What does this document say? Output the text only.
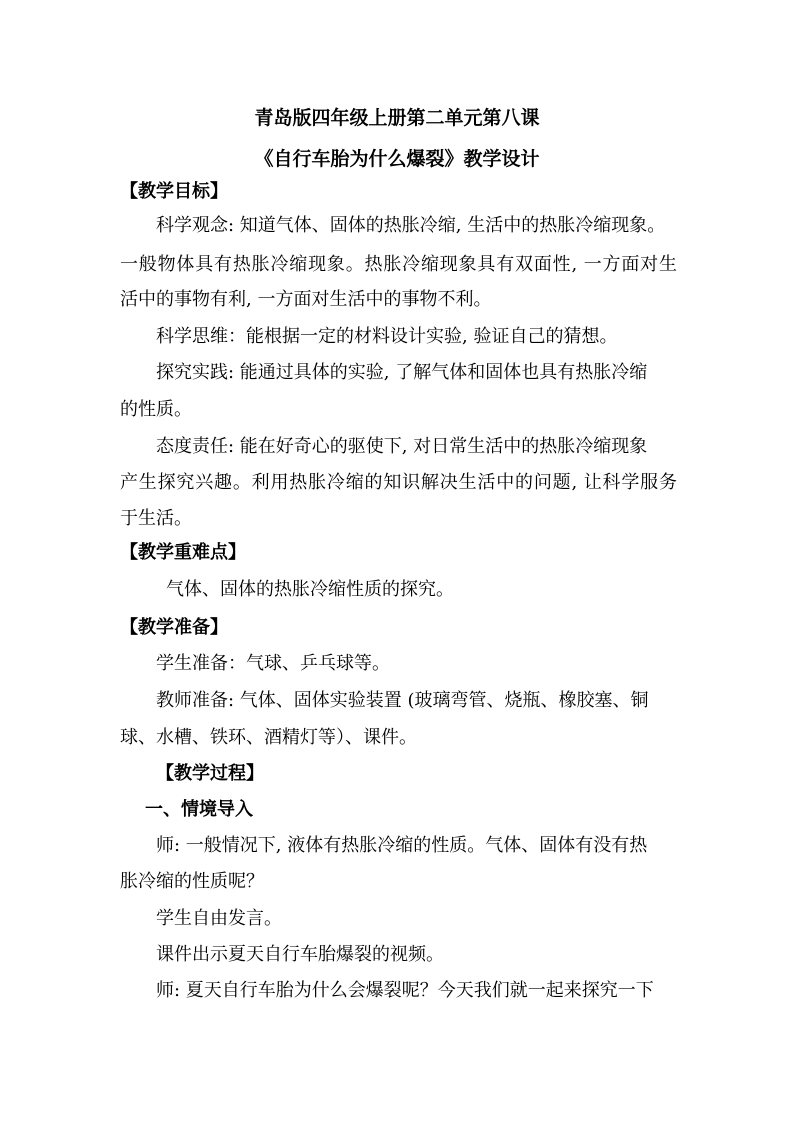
青岛版四年级上册第二单元第八课
《自行车胎为什么爆裂》教学设计
【教学目标】
科学观念: 知道气体、固体的热胀冷缩, 生活中的热胀冷缩现象。
一般物体具有热胀冷缩现象。热胀冷缩现象具有双面性, 一方面对生
活中的事物有利, 一方面对生活中的事物不利。
科学思维：能根据一定的材料设计实验, 验证自己的猜想。
探究实践: 能通过具体的实验, 了解气体和固体也具有热胀冷缩
的性质。
态度责任: 能在好奇心的驱使下, 对日常生活中的热胀冷缩现象
产生探究兴趣。利用热胀冷缩的知识解决生活中的问题, 让科学服务
于生活。
【教学重难点】
气体、固体的热胀冷缩性质的探究。
【教学准备】
学生准备：气球、乒乓球等。
教师准备: 气体、固体实验装置 (玻璃弯管、烧瓶、橡胶塞、铜
球、水槽、铁环、酒精灯等）、课件。
【教学过程】
一、情境导入
师: 一般情况下, 液体有热胀冷缩的性质。气体、固体有没有热
胀冷缩的性质呢？
学生自由发言。
课件出示夏天自行车胎爆裂的视频。
师: 夏天自行车胎为什么会爆裂呢？今天我们就一起来探究一下
